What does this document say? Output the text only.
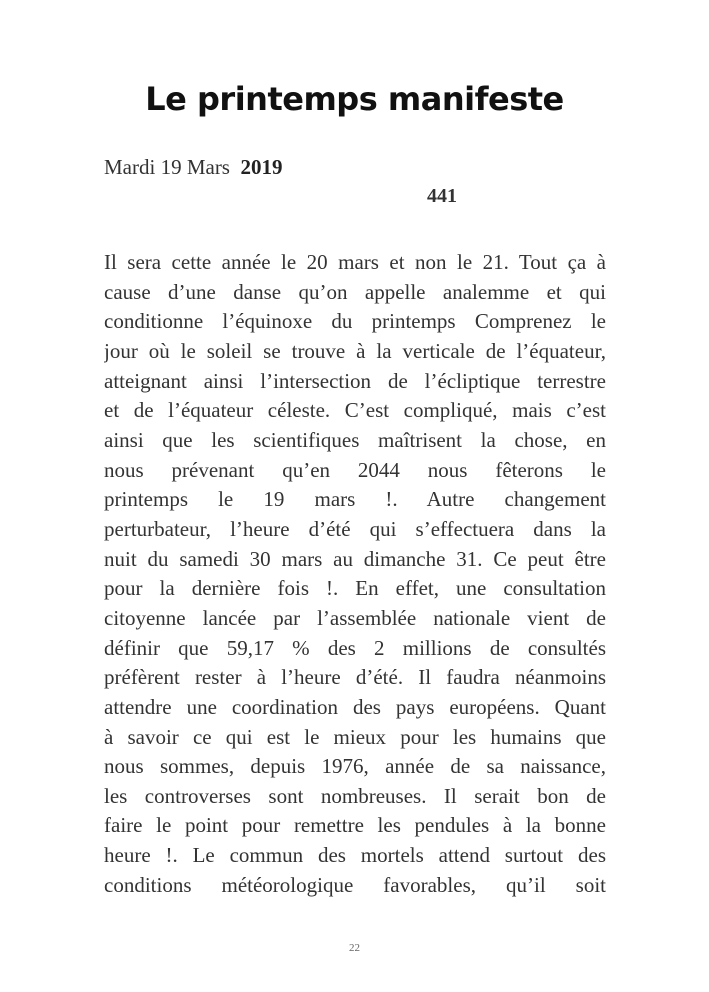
Le printemps manifeste
Mardi 19 Mars 2019
441
Il sera cette année le 20 mars et non le 21. Tout ça à
cause d’une danse qu’on appelle analemme et qui
conditionne l’équinoxe du printemps Comprenez le
jour où le soleil se trouve à la verticale de l’équateur,
atteignant ainsi l’intersection de l’écliptique terrestre
et de l’équateur céleste. C’est compliqué, mais c’est
ainsi que les scientifiques maîtrisent la chose, en
nous prévenant qu’en 2044 nous fêterons le
printemps le 19 mars !. Autre changement
perturbateur, l’heure d’été qui s’effectuera dans la
nuit du samedi 30 mars au dimanche 31. Ce peut être
pour la dernière fois !. En effet, une consultation
citoyenne lancée par l’assemblée nationale vient de
définir que 59,17 % des 2 millions de consultés
préfèrent rester à l’heure d’été. Il faudra néanmoins
attendre une coordination des pays européens. Quant
à savoir ce qui est le mieux pour les humains que
nous sommes, depuis 1976, année de sa naissance,
les controverses sont nombreuses. Il serait bon de
faire le point pour remettre les pendules à la bonne
heure !. Le commun des mortels attend surtout des
conditions météorologique favorables, qu’il soit
22
